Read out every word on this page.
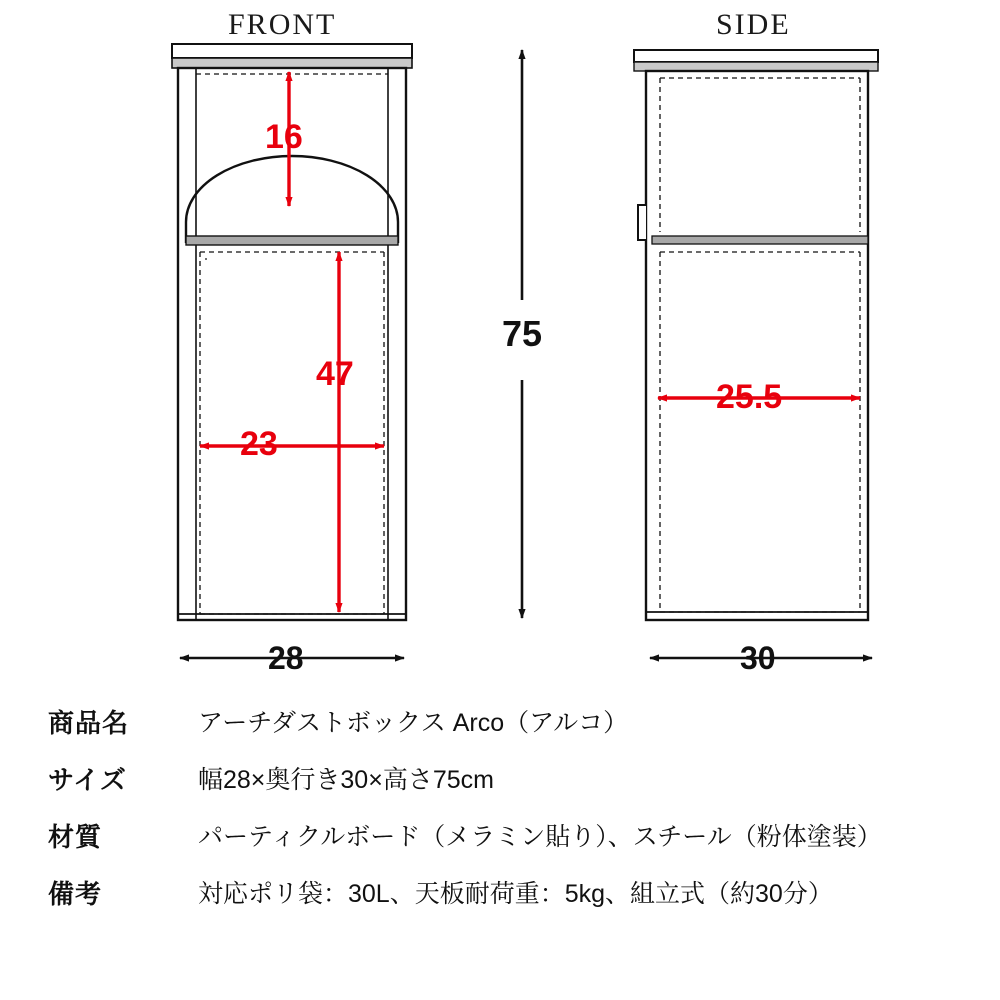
FRONT	SIDE
16
47
23
25.5
75
28	30
商品名	アーチダストボックス Arco（アルコ）
サイズ	幅28×奥行き30×高さ75cm
材質	パーティクルボード（メラミン貼り）、スチール（粉体塗装）
備考	対応ポリ袋：30L、天板耐荷重：5kg、組立式（約30分）
